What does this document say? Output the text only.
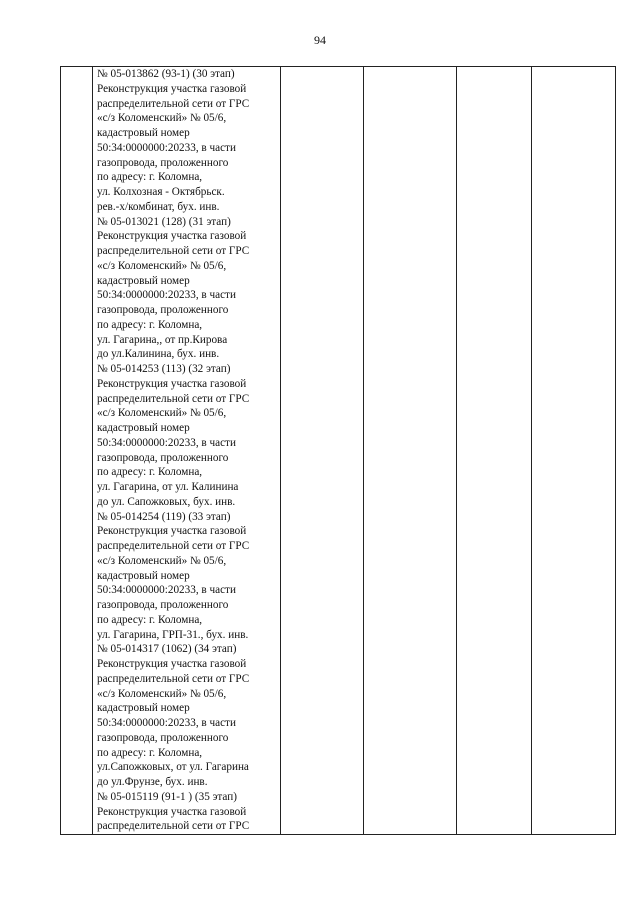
94

№ 05-013862 (93-1) (30 этап)
Реконструкция участка газовой
распределительной сети от ГРС
«с/з Коломенский» № 05/6,
кадастровый номер
50:34:0000000:20233, в части
газопровода, проложенного
по адресу: г. Коломна,
ул. Колхозная - Октябрьск.
рев.-х/комбинат, бух. инв.
№ 05-013021 (128) (31 этап)
Реконструкция участка газовой
распределительной сети от ГРС
«с/з Коломенский» № 05/6,
кадастровый номер
50:34:0000000:20233, в части
газопровода, проложенного
по адресу: г. Коломна,
ул. Гагарина,, от пр.Кирова
до ул.Калинина, бух. инв.
№ 05-014253 (113) (32 этап)
Реконструкция участка газовой
распределительной сети от ГРС
«с/з Коломенский» № 05/6,
кадастровый номер
50:34:0000000:20233, в части
газопровода, проложенного
по адресу: г. Коломна,
ул. Гагарина, от ул. Калинина
до ул. Сапожковых, бух. инв.
№ 05-014254 (119) (33 этап)
Реконструкция участка газовой
распределительной сети от ГРС
«с/з Коломенский» № 05/6,
кадастровый номер
50:34:0000000:20233, в части
газопровода, проложенного
по адресу: г. Коломна,
ул. Гагарина, ГРП-31., бух. инв.
№ 05-014317 (1062) (34 этап)
Реконструкция участка газовой
распределительной сети от ГРС
«с/з Коломенский» № 05/6,
кадастровый номер
50:34:0000000:20233, в части
газопровода, проложенного
по адресу: г. Коломна,
ул.Сапожковых, от ул. Гагарина
до ул.Фрунзе, бух. инв.
№ 05-015119 (91-1 ) (35 этап)
Реконструкция участка газовой
распределительной сети от ГРС
